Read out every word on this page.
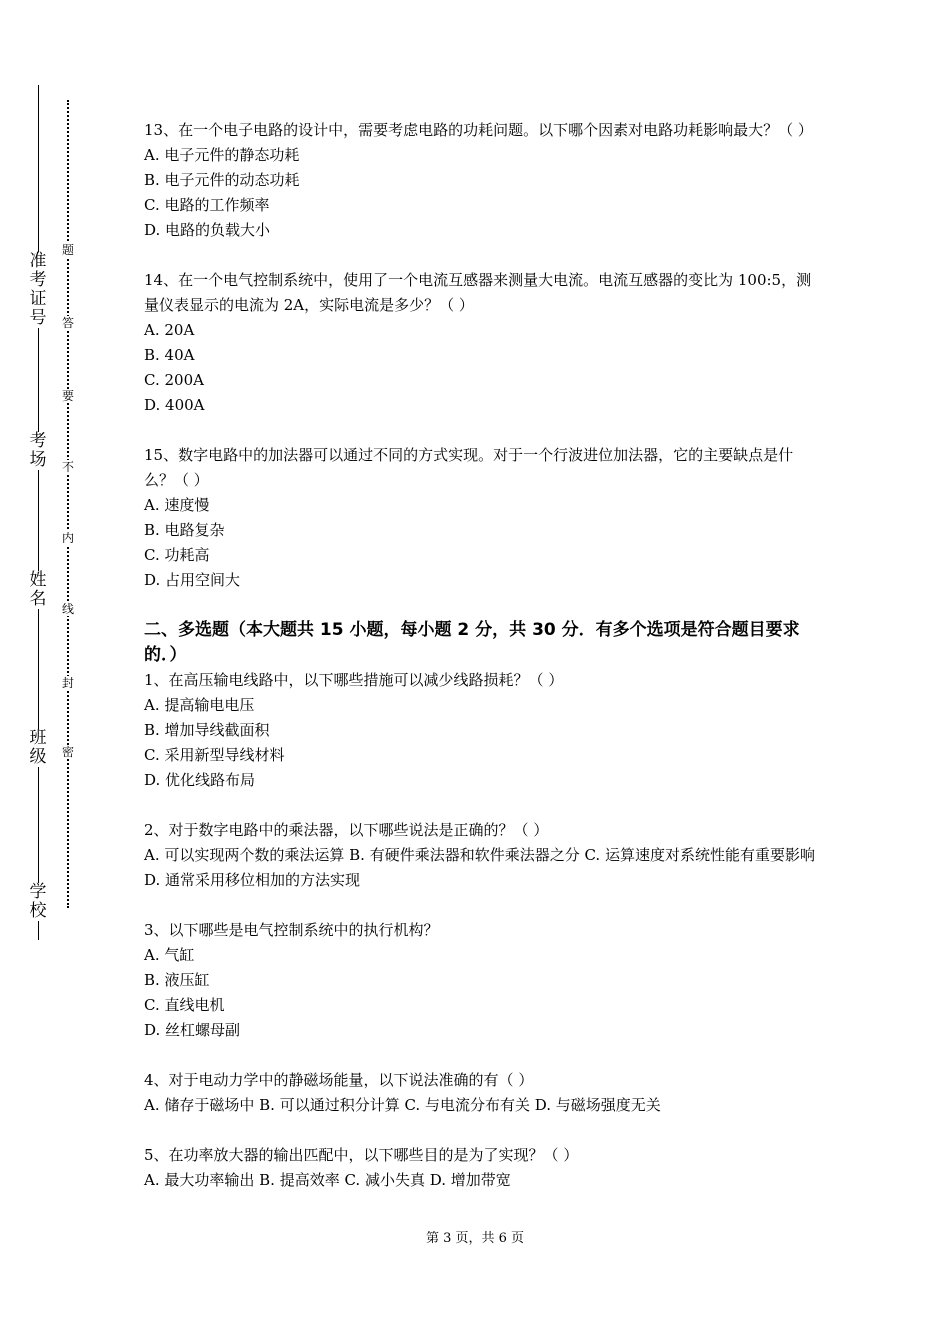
准考证号
考场
姓名
班级
学校
题
答
要
不
内
线
封
密

13、在一个电子电路的设计中，需要考虑电路的功耗问题。以下哪个因素对电路功耗影响最大？（ ）

A. 电子元件的静态功耗

B. 电子元件的动态功耗

C. 电路的工作频率

D. 电路的负载大小

14、在一个电气控制系统中，使用了一个电流互感器来测量大电流。电流互感器的变比为 100:5，测量仪表显示的电流为 2A，实际电流是多少？（ ）

A. 20A

B. 40A

C. 200A

D. 400A

15、数字电路中的加法器可以通过不同的方式实现。对于一个行波进位加法器，它的主要缺点是什么？（ ）

A. 速度慢

B. 电路复杂

C. 功耗高

D. 占用空间大

二、多选题（本大题共 15 小题，每小题 2 分，共 30 分．有多个选项是符合题目要求的．）

1、在高压输电线路中，以下哪些措施可以减少线路损耗？（ ）

A. 提高输电电压

B. 增加导线截面积

C. 采用新型导线材料

D. 优化线路布局

2、对于数字电路中的乘法器，以下哪些说法是正确的？（ ）

A. 可以实现两个数的乘法运算 B. 有硬件乘法器和软件乘法器之分 C. 运算速度对系统性能有重要影响 D. 通常采用移位相加的方法实现

3、以下哪些是电气控制系统中的执行机构？

A. 气缸

B. 液压缸

C. 直线电机

D. 丝杠螺母副

4、对于电动力学中的静磁场能量，以下说法准确的有（ ）

A. 储存于磁场中 B. 可以通过积分计算 C. 与电流分布有关 D. 与磁场强度无关

5、在功率放大器的输出匹配中，以下哪些目的是为了实现？（ ）

A. 最大功率输出 B. 提高效率 C. 减小失真 D. 增加带宽

第 3 页，共 6 页
